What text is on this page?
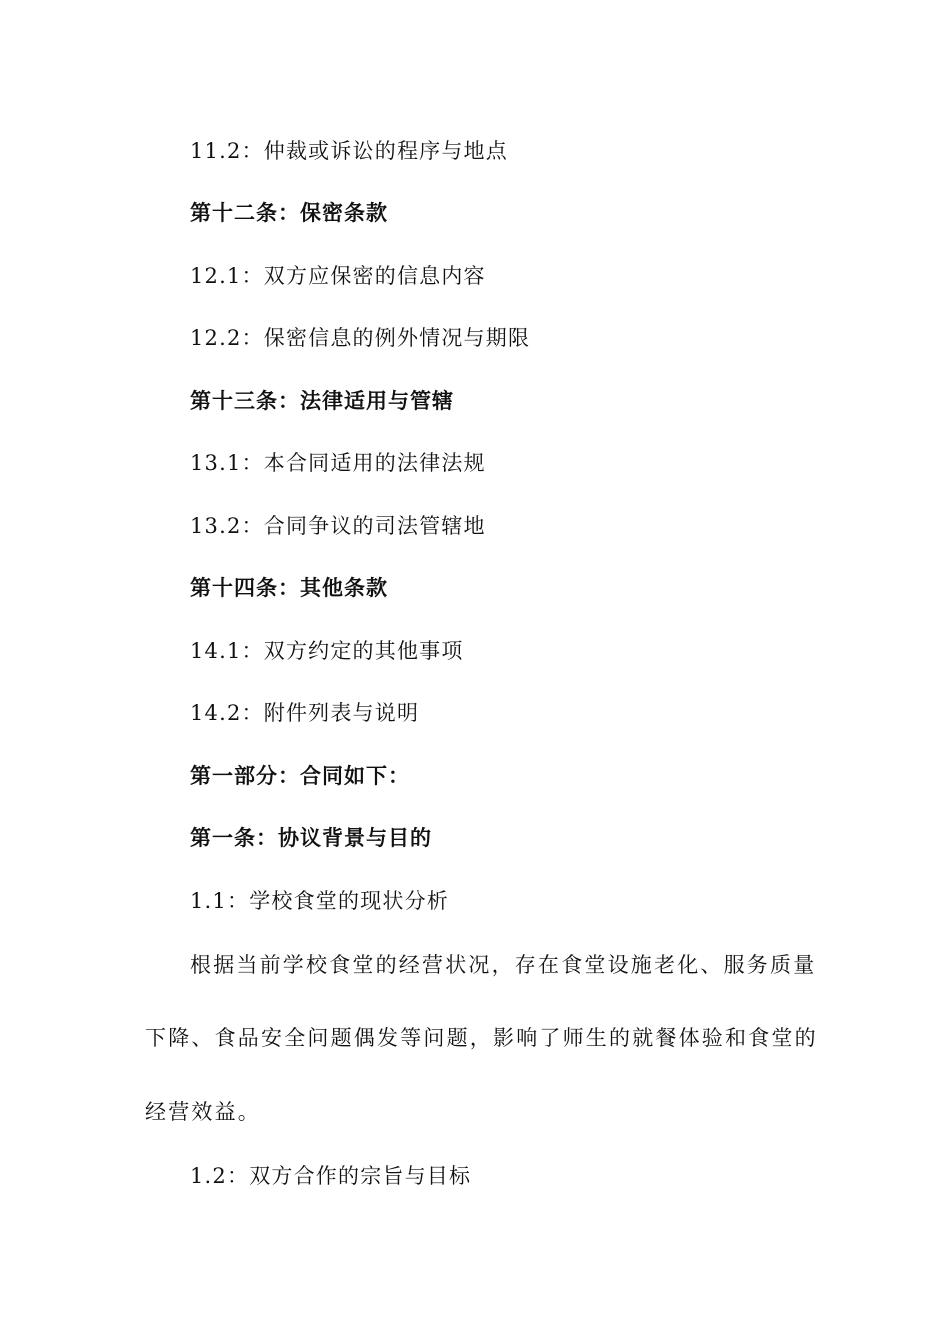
11.2：仲裁或诉讼的程序与地点
第十二条：保密条款
12.1：双方应保密的信息内容
12.2：保密信息的例外情况与期限
第十三条：法律适用与管辖
13.1：本合同适用的法律法规
13.2：合同争议的司法管辖地
第十四条：其他条款
14.1：双方约定的其他事项
14.2：附件列表与说明
第一部分：合同如下：
第一条：协议背景与目的
1.1：学校食堂的现状分析
根据当前学校食堂的经营状况，存在食堂设施老化、服务质量
下降、食品安全问题偶发等问题，影响了师生的就餐体验和食堂的
经营效益。
1.2：双方合作的宗旨与目标
